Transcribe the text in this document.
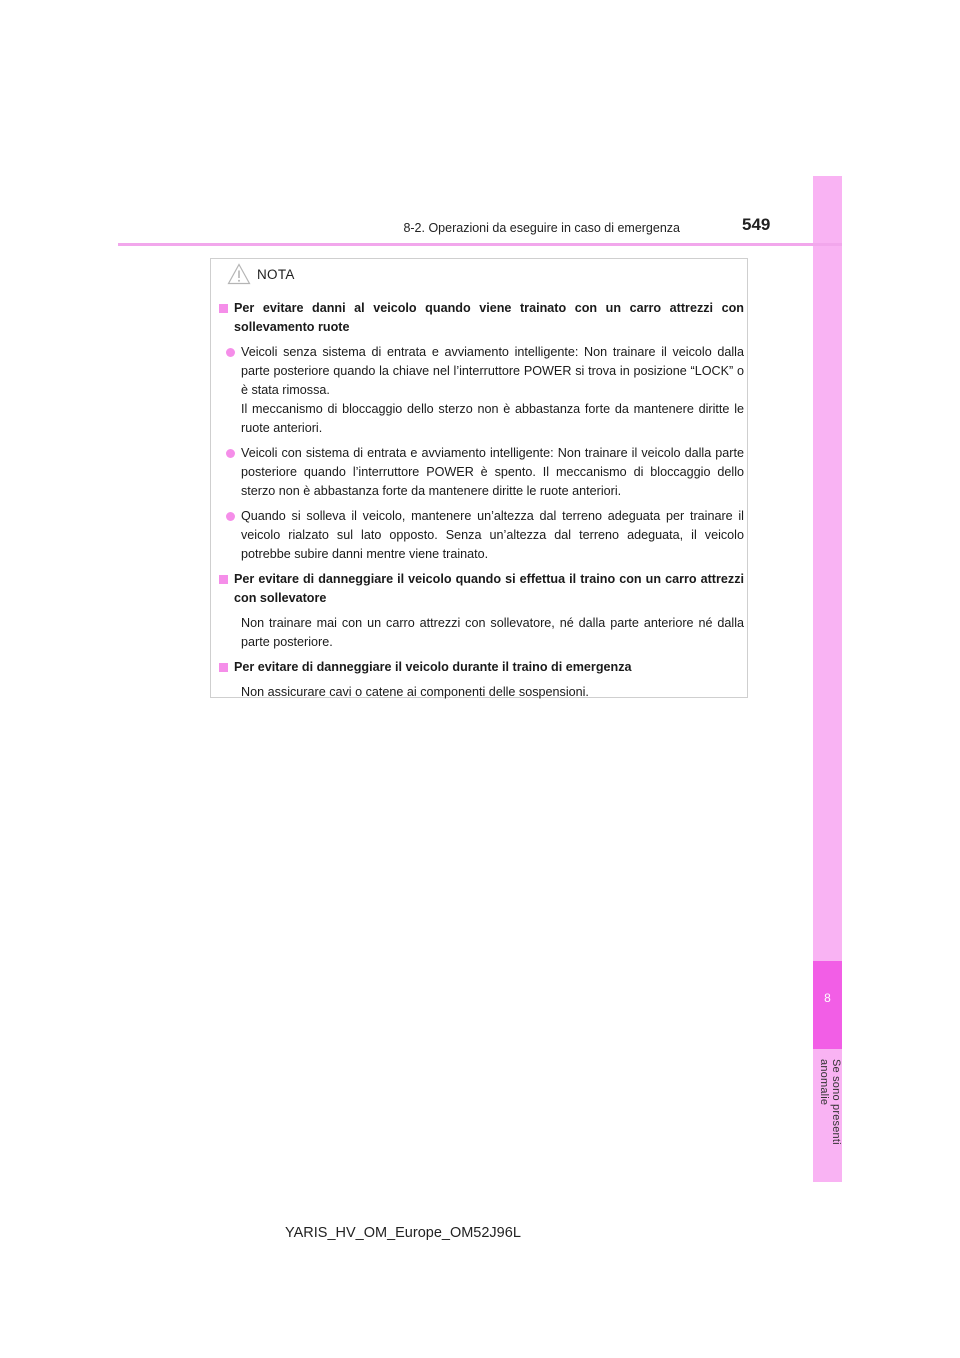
8
Se sono presenti anomalie
8-2. Operazioni da eseguire in caso di emergenza	549
NOTA
Per evitare danni al veicolo quando viene trainato con un carro attrezzi con sollevamento ruote
Veicoli senza sistema di entrata e avviamento intelligente: Non trainare il veicolo dalla parte posteriore quando la chiave nel l’interruttore POWER si trova in posizione “LOCK” o è stata rimossa.
Il meccanismo di bloccaggio dello sterzo non è abbastanza forte da mantenere diritte le ruote anteriori.
Veicoli con sistema di entrata e avviamento intelligente: Non trainare il veicolo dalla parte posteriore quando l’interruttore POWER è spento. Il meccanismo di bloccaggio dello sterzo non è abbastanza forte da mantenere diritte le ruote anteriori.
Quando si solleva il veicolo, mantenere un’altezza dal terreno adeguata per trainare il veicolo rialzato sul lato opposto. Senza un’altezza dal terreno adeguata, il veicolo potrebbe subire danni mentre viene trainato.
Per evitare di danneggiare il veicolo quando si effettua il traino con un carro attrezzi con sollevatore
Non trainare mai con un carro attrezzi con sollevatore, né dalla parte anteriore né dalla parte posteriore.
Per evitare di danneggiare il veicolo durante il traino di emergenza
Non assicurare cavi o catene ai componenti delle sospensioni.
YARIS_HV_OM_Europe_OM52J96L
